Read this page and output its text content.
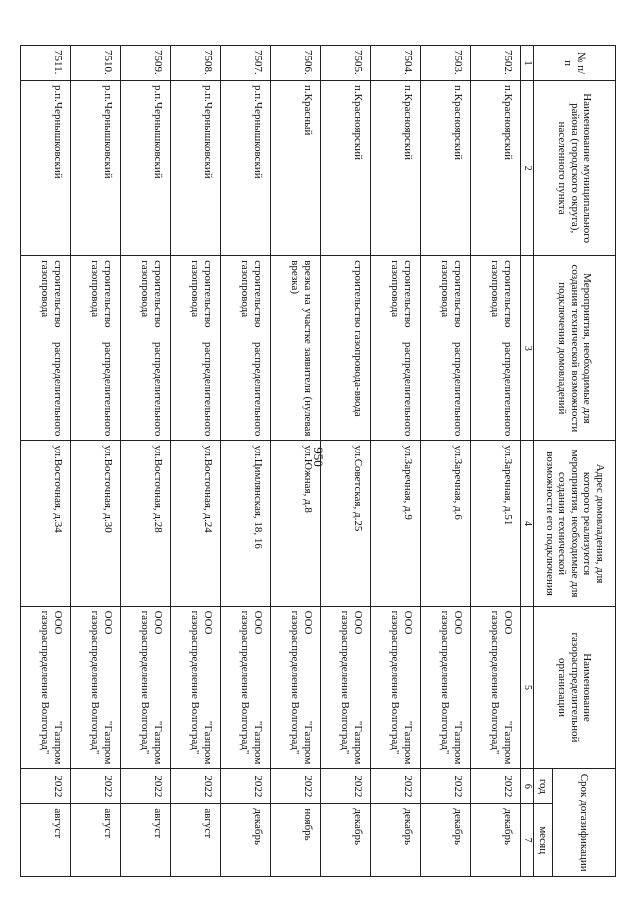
950
№ п/п	Наименование муниципального района (городского округа), населенного пункта	Мероприятия, необходимые для создания технической возможности подключения домовладений	Адрес домовладения, для которого реализуются мероприятия, необходимые для создания технической возможности его подключения	Наименование газораспределительной организации	Срок догазификации	
					год	месяц
1	2	3	4	5	6	7
7502.	п.Красноярский	строительство распределительного газопровода	ул.Заречная, д.51	ООО "Газпром газораспределение Волгоград"	2022	декабрь
7503.	п.Красноярский	строительство распределительного газопровода	ул.Заречная, д.6	ООО "Газпром газораспределение Волгоград"	2022	декабрь
7504.	п.Красноярский	строительство распределительного газопровода	ул.Заречная, д.9	ООО "Газпром газораспределение Волгоград"	2022	декабрь
7505.	п.Красноярский	строительство газопровода-ввода	ул.Советская, д.25	ООО "Газпром газораспределение Волгоград"	2022	декабрь
7506.	п.Красный	врезка на участке заявителя (нулевая врезка)	ул.Южная, д.8	ООО "Газпром газораспределение Волгоград"	2022	ноябрь
7507.	р.п.Чернышковский	строительство распределительного газопровода	ул.Цимлянская, 18, 16	ООО "Газпром газораспределение Волгоград"	2022	декабрь
7508.	р.п.Чернышковский	строительство распределительного газопровода	ул.Восточная, д.24	ООО "Газпром газораспределение Волгоград"	2022	август
7509.	р.п.Чернышковский	строительство распределительного газопровода	ул.Восточная, д.28	ООО "Газпром газораспределение Волгоград"	2022	август
7510.	р.п.Чернышковский	строительство распределительного газопровода	ул.Восточная, д.30	ООО "Газпром газораспределение Волгоград"	2022	август
7511.	р.п.Чернышковский	строительство распределительного газопровода	ул.Восточная, д.34	ООО "Газпром газораспределение Волгоград"	2022	август
